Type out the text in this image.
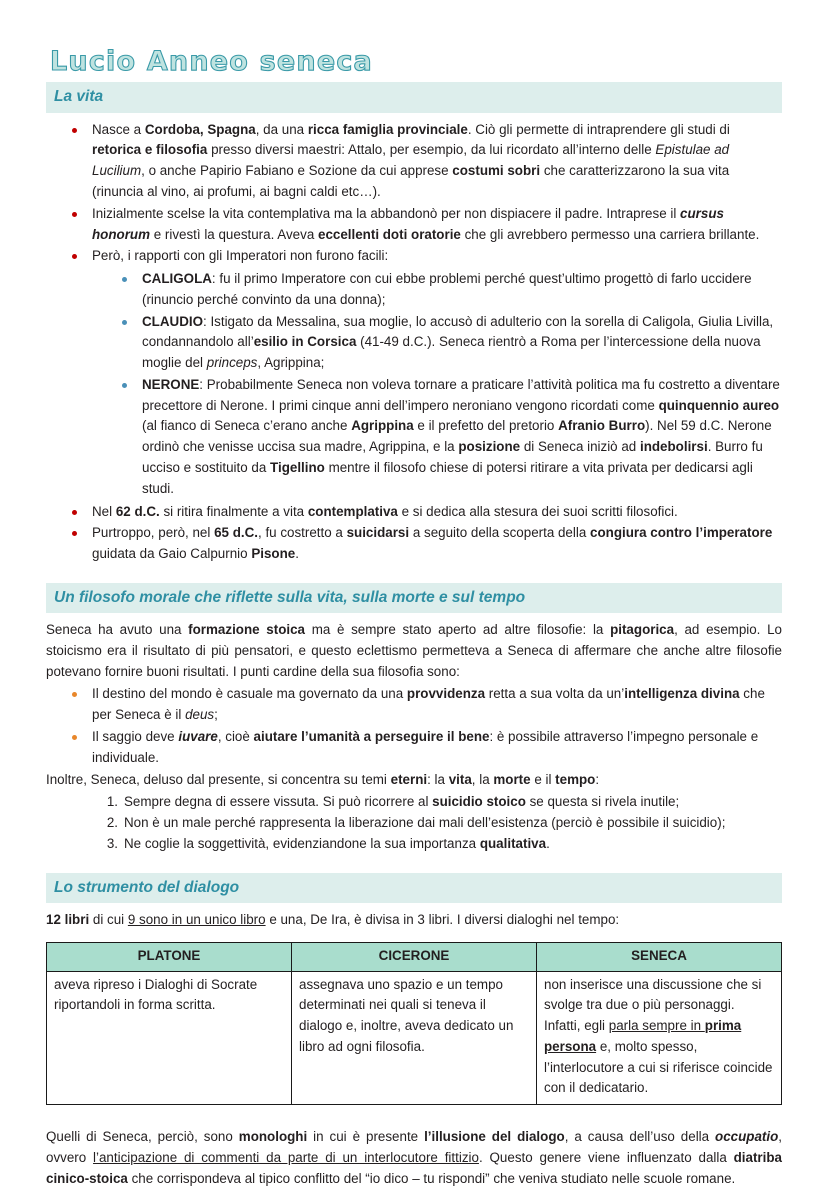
Lucio Anneo seneca
La vita
Nasce a Cordoba, Spagna, da una ricca famiglia provinciale. Ciò gli permette di intraprendere gli studi di retorica e filosofia presso diversi maestri: Attalo, per esempio, da lui ricordato all’interno delle Epistulae ad Lucilium, o anche Papirio Fabiano e Sozione da cui apprese costumi sobri che caratterizzarono la sua vita (rinuncia al vino, ai profumi, ai bagni caldi etc…).
Inizialmente scelse la vita contemplativa ma la abbandonò per non dispiacere il padre. Intraprese il cursus honorum e rivestì la questura. Aveva eccellenti doti oratorie che gli avrebbero permesso una carriera brillante.
Però, i rapporti con gli Imperatori non furono facili:
CALIGOLA: fu il primo Imperatore con cui ebbe problemi perché quest’ultimo progettò di farlo uccidere (rinuncio perché convinto da una donna);
CLAUDIO: Istigato da Messalina, sua moglie, lo accusò di adulterio con la sorella di Caligola, Giulia Livilla, condannandolo all’esilio in Corsica (41-49 d.C.). Seneca rientrò a Roma per l’intercessione della nuova moglie del princeps, Agrippina;
NERONE: Probabilmente Seneca non voleva tornare a praticare l’attività politica ma fu costretto a diventare precettore di Nerone. I primi cinque anni dell’impero neroniano vengono ricordati come quinquennio aureo (al fianco di Seneca c’erano anche Agrippina e il prefetto del pretorio Afranio Burro). Nel 59 d.C. Nerone ordinò che venisse uccisa sua madre, Agrippina, e la posizione di Seneca iniziò ad indebolirsi. Burro fu ucciso e sostituito da Tigellino mentre il filosofo chiese di potersi ritirare a vita privata per dedicarsi agli studi.
Nel 62 d.C. si ritira finalmente a vita contemplativa e si dedica alla stesura dei suoi scritti filosofici.
Purtroppo, però, nel 65 d.C., fu costretto a suicidarsi a seguito della scoperta della congiura contro l’imperatore guidata da Gaio Calpurnio Pisone.
Un filosofo morale che riflette sulla vita, sulla morte e sul tempo

Seneca ha avuto una formazione stoica ma è sempre stato aperto ad altre filosofie: la pitagorica, ad esempio. Lo stoicismo era il risultato di più pensatori, e questo eclettismo permetteva a Seneca di affermare che anche altre filosofie potevano fornire buoni risultati. I punti cardine della sua filosofia sono:

Il destino del mondo è casuale ma governato da una provvidenza retta a sua volta da un’intelligenza divina che per Seneca è il deus;
Il saggio deve iuvare, cioè aiutare l’umanità a perseguire il bene: è possibile attraverso l’impegno personale e individuale.

Inoltre, Seneca, deluso dal presente, si concentra su temi eterni: la vita, la morte e il tempo:

Sempre degna di essere vissuta. Si può ricorrere al suicidio stoico se questa si rivela inutile;
Non è un male perché rappresenta la liberazione dai mali dell’esistenza (perciò è possibile il suicidio);
Ne coglie la soggettività, evidenziandone la sua importanza qualitativa.
Lo strumento del dialogo

12 libri di cui 9 sono in un unico libro e una, De Ira, è divisa in 3 libri. I diversi dialoghi nel tempo:

PLATONE	CICERONE	SENECA
aveva ripreso i Dialoghi di Socrate riportandoli in forma scritta.	assegnava uno spazio e un tempo determinati nei quali si teneva il dialogo e, inoltre, aveva dedicato un libro ad ogni filosofia.	non inserisce una discussione che si svolge tra due o più personaggi. Infatti, egli parla sempre in prima persona e, molto spesso, l’interlocutore a cui si riferisce coincide con il dedicatario.

Quelli di Seneca, perciò, sono monologhi in cui è presente l’illusione del dialogo, a causa dell’uso della occupatio, ovvero l’anticipazione di commenti da parte di un interlocutore fittizio. Questo genere viene influenzato dalla diatriba cinico-stoica che corrispondeva al tipico conflitto del “io dico – tu rispondi” che veniva studiato nelle scuole romane.
